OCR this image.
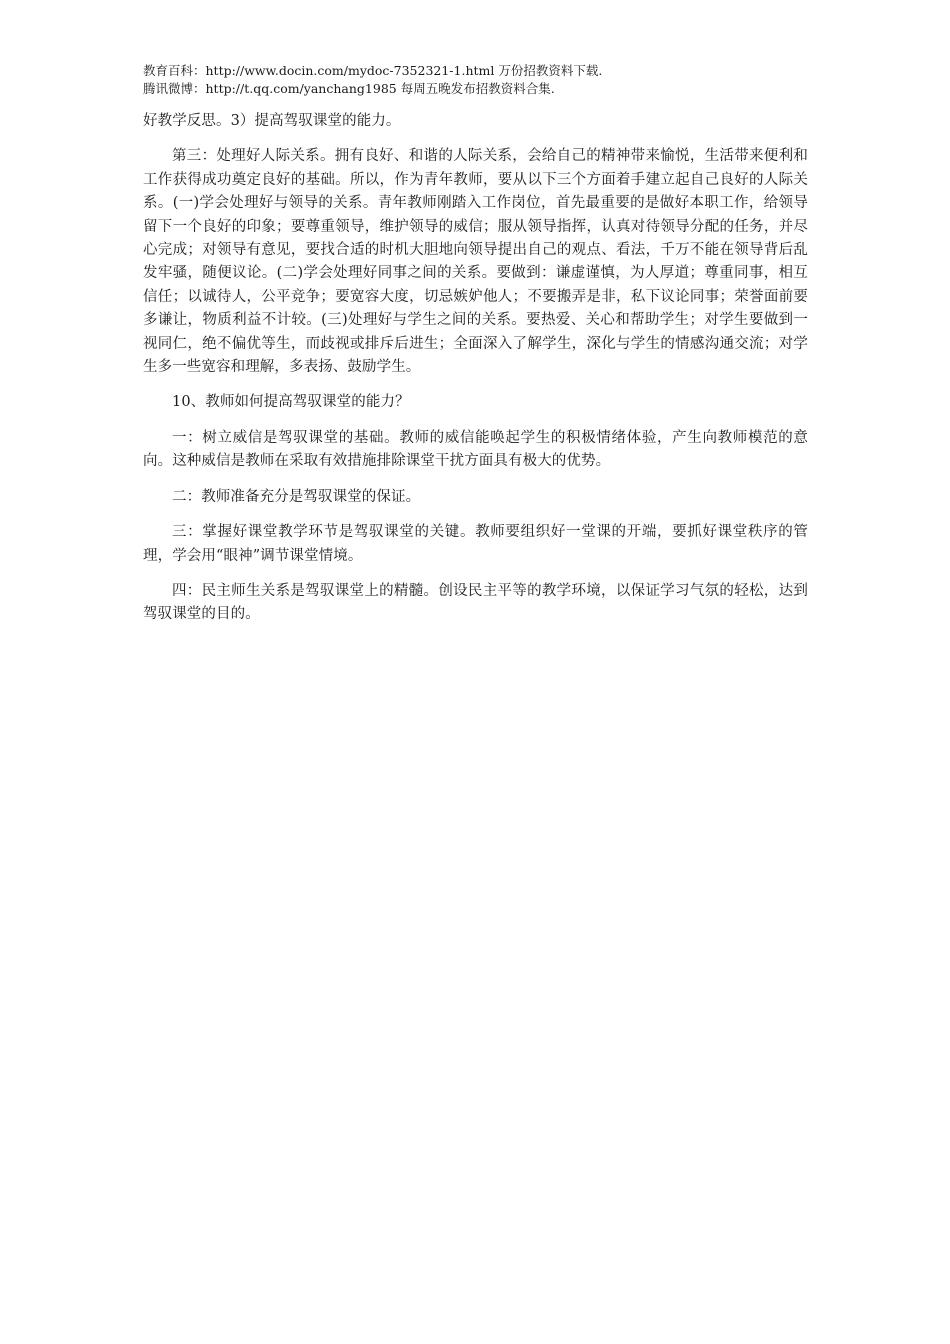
教育百科：http://www.docin.com/mydoc-7352321-1.html 万份招教资料下载.

腾讯微博：http://t.qq.com/yanchang1985 每周五晚发布招教资料合集.

好教学反思。3）提高驾驭课堂的能力。

第三：处理好人际关系。拥有良好、和谐的人际关系，会给自己的精神带来愉悦，生活带来便利和工作获得成功奠定良好的基础。所以，作为青年教师，要从以下三个方面着手建立起自己良好的人际关系。(一)学会处理好与领导的关系。青年教师刚踏入工作岗位，首先最重要的是做好本职工作，给领导留下一个良好的印象；要尊重领导，维护领导的威信；服从领导指挥，认真对待领导分配的任务，并尽心完成；对领导有意见，要找合适的时机大胆地向领导提出自己的观点、看法，千万不能在领导背后乱发牢骚，随便议论。(二)学会处理好同事之间的关系。要做到：谦虚谨慎，为人厚道；尊重同事，相互信任；以诚待人，公平竞争；要宽容大度，切忌嫉妒他人；不要搬弄是非，私下议论同事；荣誉面前要多谦让，物质利益不计较。(三)处理好与学生之间的关系。要热爱、关心和帮助学生；对学生要做到一视同仁，绝不偏优等生，而歧视或排斥后进生；全面深入了解学生，深化与学生的情感沟通交流；对学生多一些宽容和理解，多表扬、鼓励学生。

10、教师如何提高驾驭课堂的能力？

一：树立威信是驾驭课堂的基础。教师的威信能唤起学生的积极情绪体验，产生向教师模范的意向。这种威信是教师在采取有效措施排除课堂干扰方面具有极大的优势。

二：教师准备充分是驾驭课堂的保证。

三：掌握好课堂教学环节是驾驭课堂的关键。教师要组织好一堂课的开端，要抓好课堂秩序的管理，学会用“眼神”调节课堂情境。

四：民主师生关系是驾驭课堂上的精髓。创设民主平等的教学环境，以保证学习气氛的轻松，达到驾驭课堂的目的。
